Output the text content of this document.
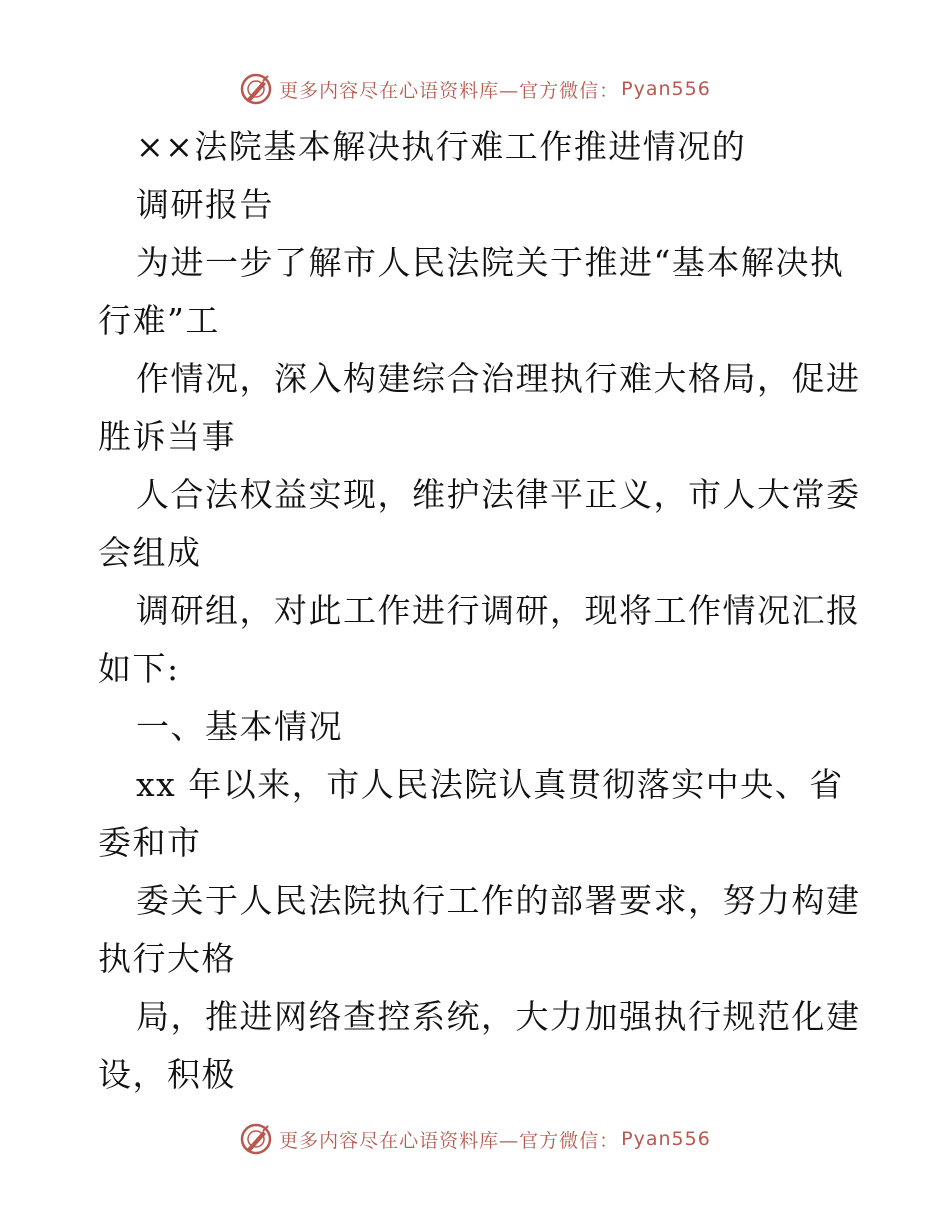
更多内容尽在心语资料库—官方微信： Pyan556
××法院基本解决执行难工作推进情况的
调研报告
为进一步了解市人民法院关于推进“基本解决执
行难”工
作情况，深入构建综合治理执行难大格局，促进
胜诉当事
人合法权益实现，维护法律平正义，市人大常委
会组成
调研组，对此工作进行调研，现将工作情况汇报
如下:
一、基本情况
xx 年以来，市人民法院认真贯彻落实中央、省
委和市
委关于人民法院执行工作的部署要求，努力构建
执行大格
局，推进网络查控系统，大力加强执行规范化建
设，积极
更多内容尽在心语资料库—官方微信： Pyan556
